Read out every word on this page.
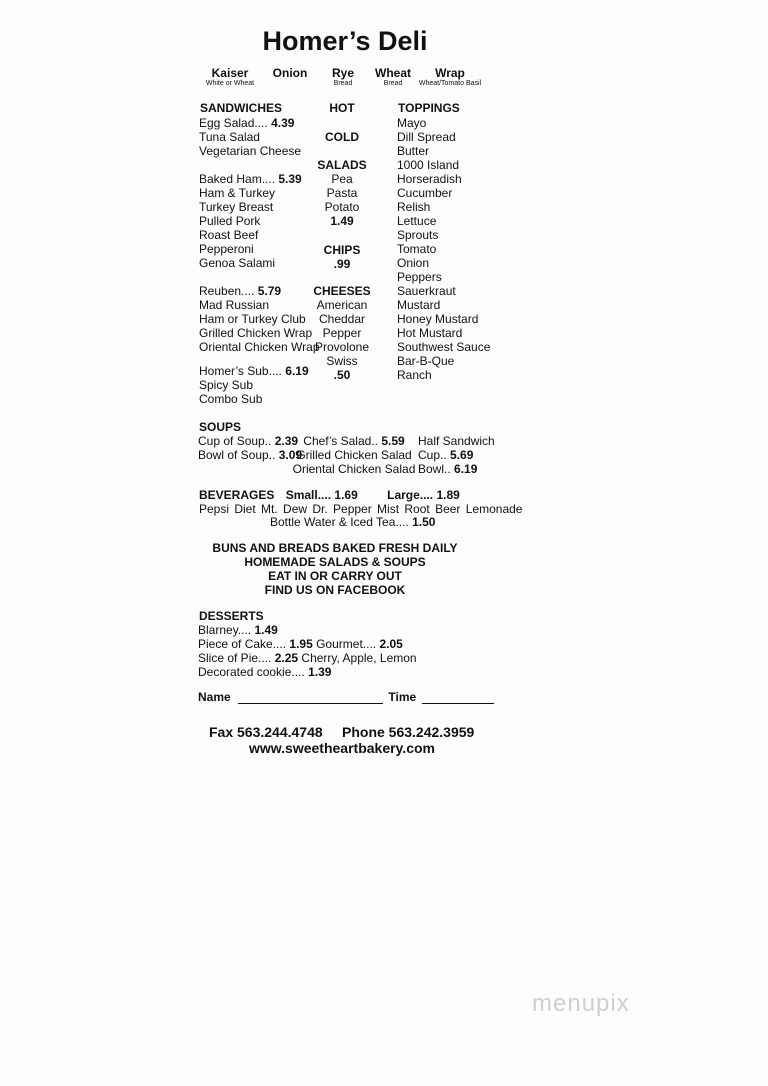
Homer’s Deli
Kaiser
White or Wheat
Onion	Rye
Bread
Wheat
Bread
Wrap
Wheat/Tomato Basil
SANDWICHES
Egg Salad.... 4.39
Tuna Salad
Vegetarian Cheese
Baked Ham.... 5.39
Ham & Turkey
Turkey Breast
Pulled Pork
Roast Beef
Pepperoni
Genoa Salami
Reuben.... 5.79
Mad Russian
Ham or Turkey Club
Grilled Chicken Wrap
Oriental Chicken Wrap
Homer’s Sub.... 6.19
Spicy Sub
Combo Sub
HOT
COLD
SALADS
Pea
Pasta
Potato
1.49
CHIPS
.99
CHEESES
American
Cheddar
Pepper
Provolone
Swiss
.50
TOPPINGS
Mayo
Dill Spread
Butter
1000 Island
Horseradish
Cucumber
Relish
Lettuce
Sprouts
Tomato
Onion
Peppers
Sauerkraut
Mustard
Honey Mustard
Hot Mustard
Southwest Sauce
Bar-B-Que
Ranch
SOUPS
Cup of Soup.. 2.39
Bowl of Soup.. 3.09
Chef’s Salad.. 5.59
Grilled Chicken Salad
Oriental Chicken Salad
Half Sandwich
Cup.. 5.69
Bowl.. 6.19
BEVERAGES Small.... 1.69 Large.... 1.89
Pepsi Diet Mt. Dew Dr. Pepper Mist Root Beer Lemonade
Bottle Water & Iced Tea.... 1.50
BUNS AND BREADS BAKED FRESH DAILY
HOMEMADE SALADS & SOUPS
EAT IN OR CARRY OUT
FIND US ON FACEBOOK
DESSERTS
Blarney.... 1.49
Piece of Cake.... 1.95 Gourmet.... 2.05
Slice of Pie.... 2.25 Cherry, Apple, Lemon
Decorated cookie.... 1.39
Name	Time
Fax 563.244.4748 Phone 563.242.3959
www.sweetheartbakery.com
menupix
